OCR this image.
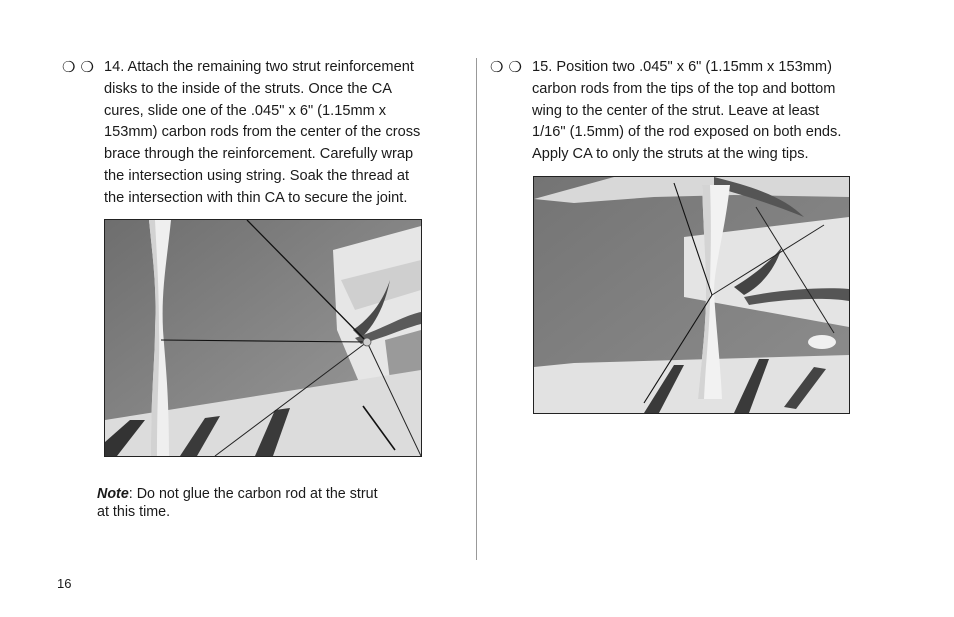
❍ ❍ 14. Attach the remaining two strut reinforcement
disks to the inside of the struts. Once the CA
cures, slide one of the .045" x 6" (1.15mm x
153mm) carbon rods from the center of the cross
brace through the reinforcement. Carefully wrap
the intersection using string. Soak the thread at
the intersection with thin CA to secure the joint.
Note: Do not glue the carbon rod at the strut
at this time.
❍ ❍ 15. Position two .045" x 6" (1.15mm x 153mm)
carbon rods from the tips of the top and bottom
wing to the center of the strut. Leave at least
1/16" (1.5mm) of the rod exposed on both ends.
Apply CA to only the struts at the wing tips.
16
